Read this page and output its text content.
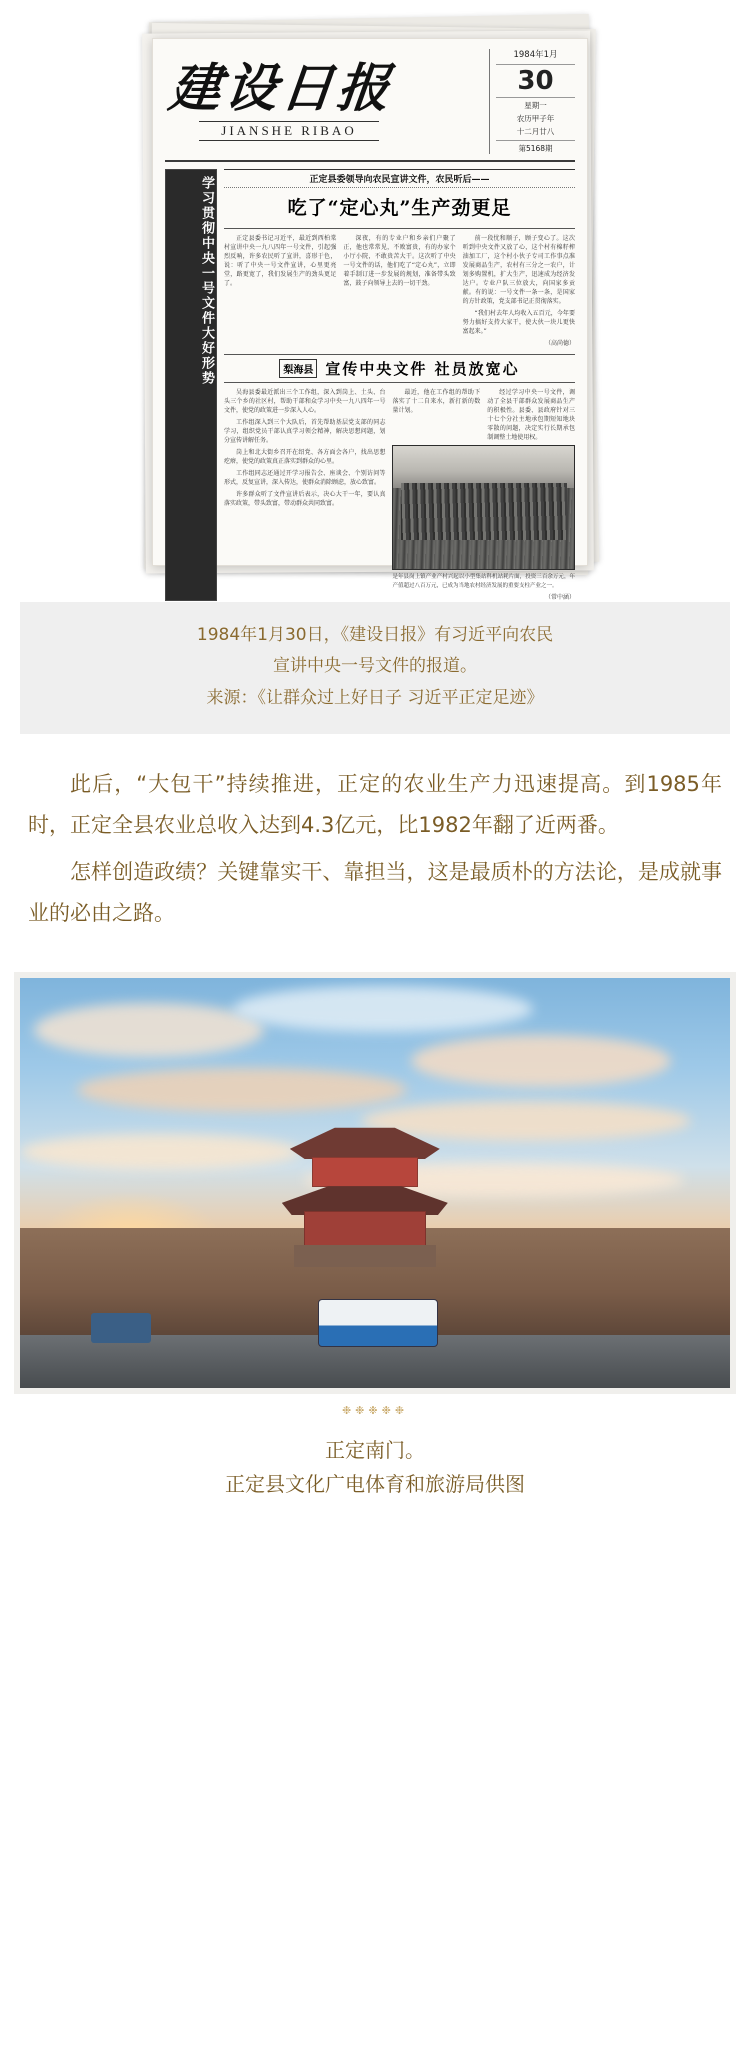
建设日报
JIANSHE RIBAO
1984年1月
30
星期一
农历甲子年
十二月廿八
第5168期
学习贯彻中央一号文件大好形势	正定县委领导向农民宣讲文件，农民听后——
吃了“定心丸”生产劲更足

正定县委书记习近平，最近到西柏棠村宣讲中央一九八四年一号文件，引起强烈反响，许多农民听了宣讲，喜形于色，说：听了中央一号文件宣讲，心里更亮堂，路更宽了，我们发展生产的劲头更足了。

深夜，有的专业户和乡亲们户聚了正，他也常常见，不败富贵，有的办家个小厅小院，不敢贵苦大干。这次听了中央一号文件的话，他们吃了“定心丸”，立即着手制订进一步发展的规划，准备带头致富，鼓子向领导上去的一切干劲。

前一段忧和顺子，顾子变心了。这次听到中央文件又放了心，这个村有棉籽榨油加工厂，这个村小伙子专司工作事点准发展商品生产，农村有三分之一农户，计划多购置机，扩大生产，迅速成为经济发达户。专业户队三位放大，向国家多贡献。有的说：一号文件一条一条，是国家的方针政策，党支部书记正贯彻落实。

“我们村去年人均收入五百元，今年要努力搞好支持大家干，使大伙一块儿更快富起来。”

（高尚德）
梨海县 宣传中央文件 社员放宽心

吴海县委最近派出三个工作组，深入到岗上、土头、台头三个乡的社区村，帮助干部和众学习中央一九八四年一号文件，使党的政策进一步深入人心。

工作组深入到三个大队后，首先帮助基层党支部的同志学习，组织党员干部认真学习领会精神，解决思想问题，划分宣传讲解任务。

岗上和北大街乡召开在绍党、各方面会各户，找出思想疙瘩，使党的政策真正落实到群众的心里。

工作组同志还通过开学习报告会、座谈会、个别访问等形式，反复宣讲，深入传达，使群众消除顾虑，放心致富。

许多群众听了文件宣讲后表示，决心大干一年，要认真落实政策，带头致富，带动群众共同致富。

最近，他在工作组的帮助下落实了十二自来水，新打新的数量计划。

经过学习中央一号文件，调动了全县干部群众发展商品生产的积极性。县委、县政府针对三十七个分社主地承包期短知地块零散的问题，决定实行长期承包制调整土地使用权。

是年县岗上镇产业产村兴起以小型集站科机站耗片面，投资三百余万元，年产值超过八百万元，已成为当地农村经济发展的重要支柱产业之一。
（常中涵）
1984年1月30日，《建设日报》有习近平向农民
宣讲中央一号文件的报道。
来源：《让群众过上好日子 习近平正定足迹》

此后，“大包干”持续推进，正定的农业生产力迅速提高。到1985年时，正定全县农业总收入达到4.3亿元，比1982年翻了近两番。

怎样创造政绩？关键靠实干、靠担当，这是最质朴的方法论，是成就事业的必由之路。

❉❉❉❉❉
正定南门。
正定县文化广电体育和旅游局供图
